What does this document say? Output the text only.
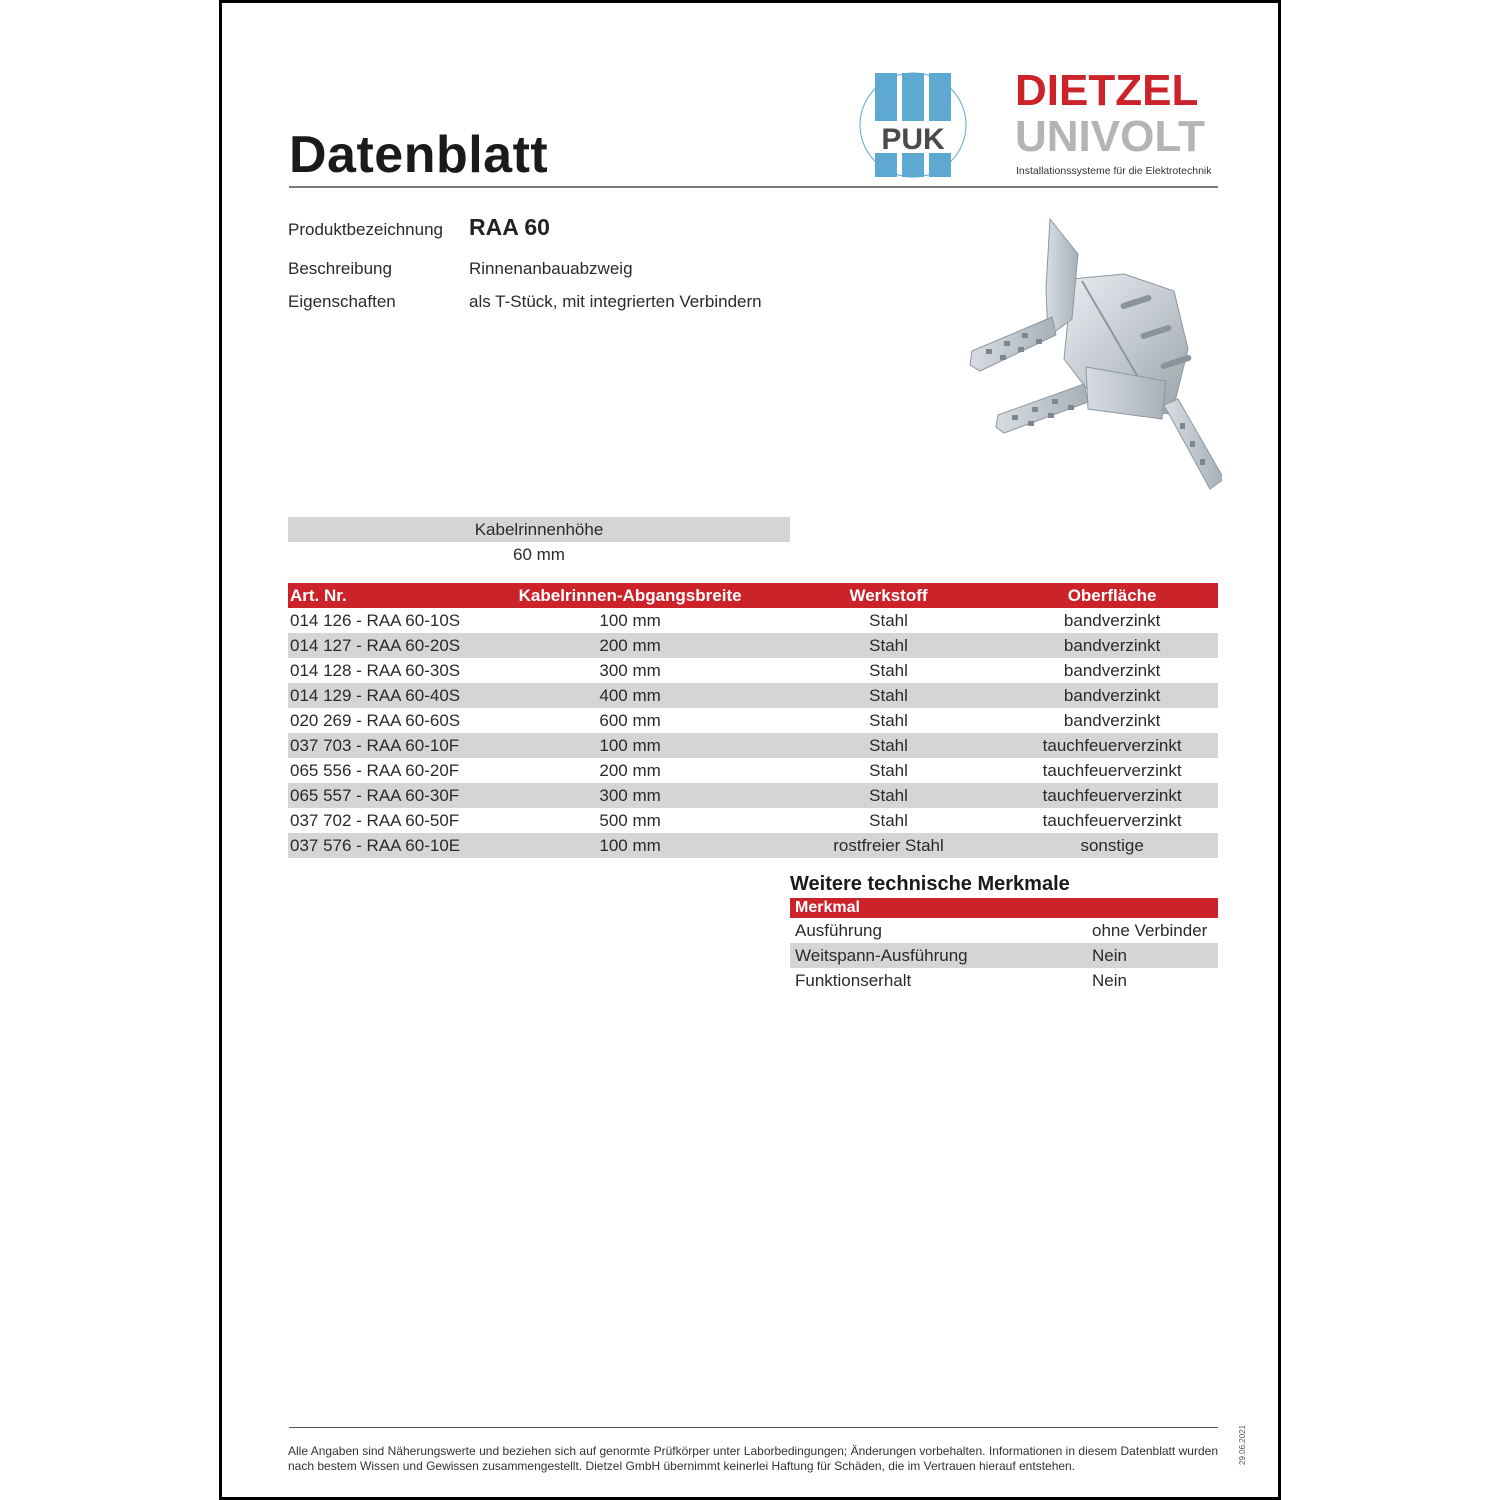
Datenblatt	PUK
DIETZEL
UNIVOLT
Installationssysteme für die Elektrotechnik
Produktbezeichnung RAA 60
Beschreibung	Rinnenanbauabzweig
Eigenschaften	als T-Stück, mit integrierten Verbindern
Kabelrinnenhöhe
60 mm
Art. Nr.	Kabelrinnen-Abgangsbreite	Werkstoff	Oberfläche
014 126 - RAA 60-10S	100 mm	Stahl	bandverzinkt
014 127 - RAA 60-20S	200 mm	Stahl	bandverzinkt
014 128 - RAA 60-30S	300 mm	Stahl	bandverzinkt
014 129 - RAA 60-40S	400 mm	Stahl	bandverzinkt
020 269 - RAA 60-60S	600 mm	Stahl	bandverzinkt
037 703 - RAA 60-10F	100 mm	Stahl	tauchfeuerverzinkt
065 556 - RAA 60-20F	200 mm	Stahl	tauchfeuerverzinkt
065 557 - RAA 60-30F	300 mm	Stahl	tauchfeuerverzinkt
037 702 - RAA 60-50F	500 mm	Stahl	tauchfeuerverzinkt
037 576 - RAA 60-10E	100 mm	rostfreier Stahl	sonstige
Weitere technische Merkmale
Merkmal	
Ausführung	ohne Verbinder
Weitspann-Ausführung	Nein
Funktionserhalt	Nein
Alle Angaben sind Näherungswerte und beziehen sich auf genormte Prüfkörper unter Laborbedingungen; Änderungen vorbehalten. Informationen in diesem Datenblatt wurden nach bestem Wissen und Gewissen zusammengestellt. Dietzel GmbH übernimmt keinerlei Haftung für Schäden, die im Vertrauen hierauf entstehen.
29.06.2021
